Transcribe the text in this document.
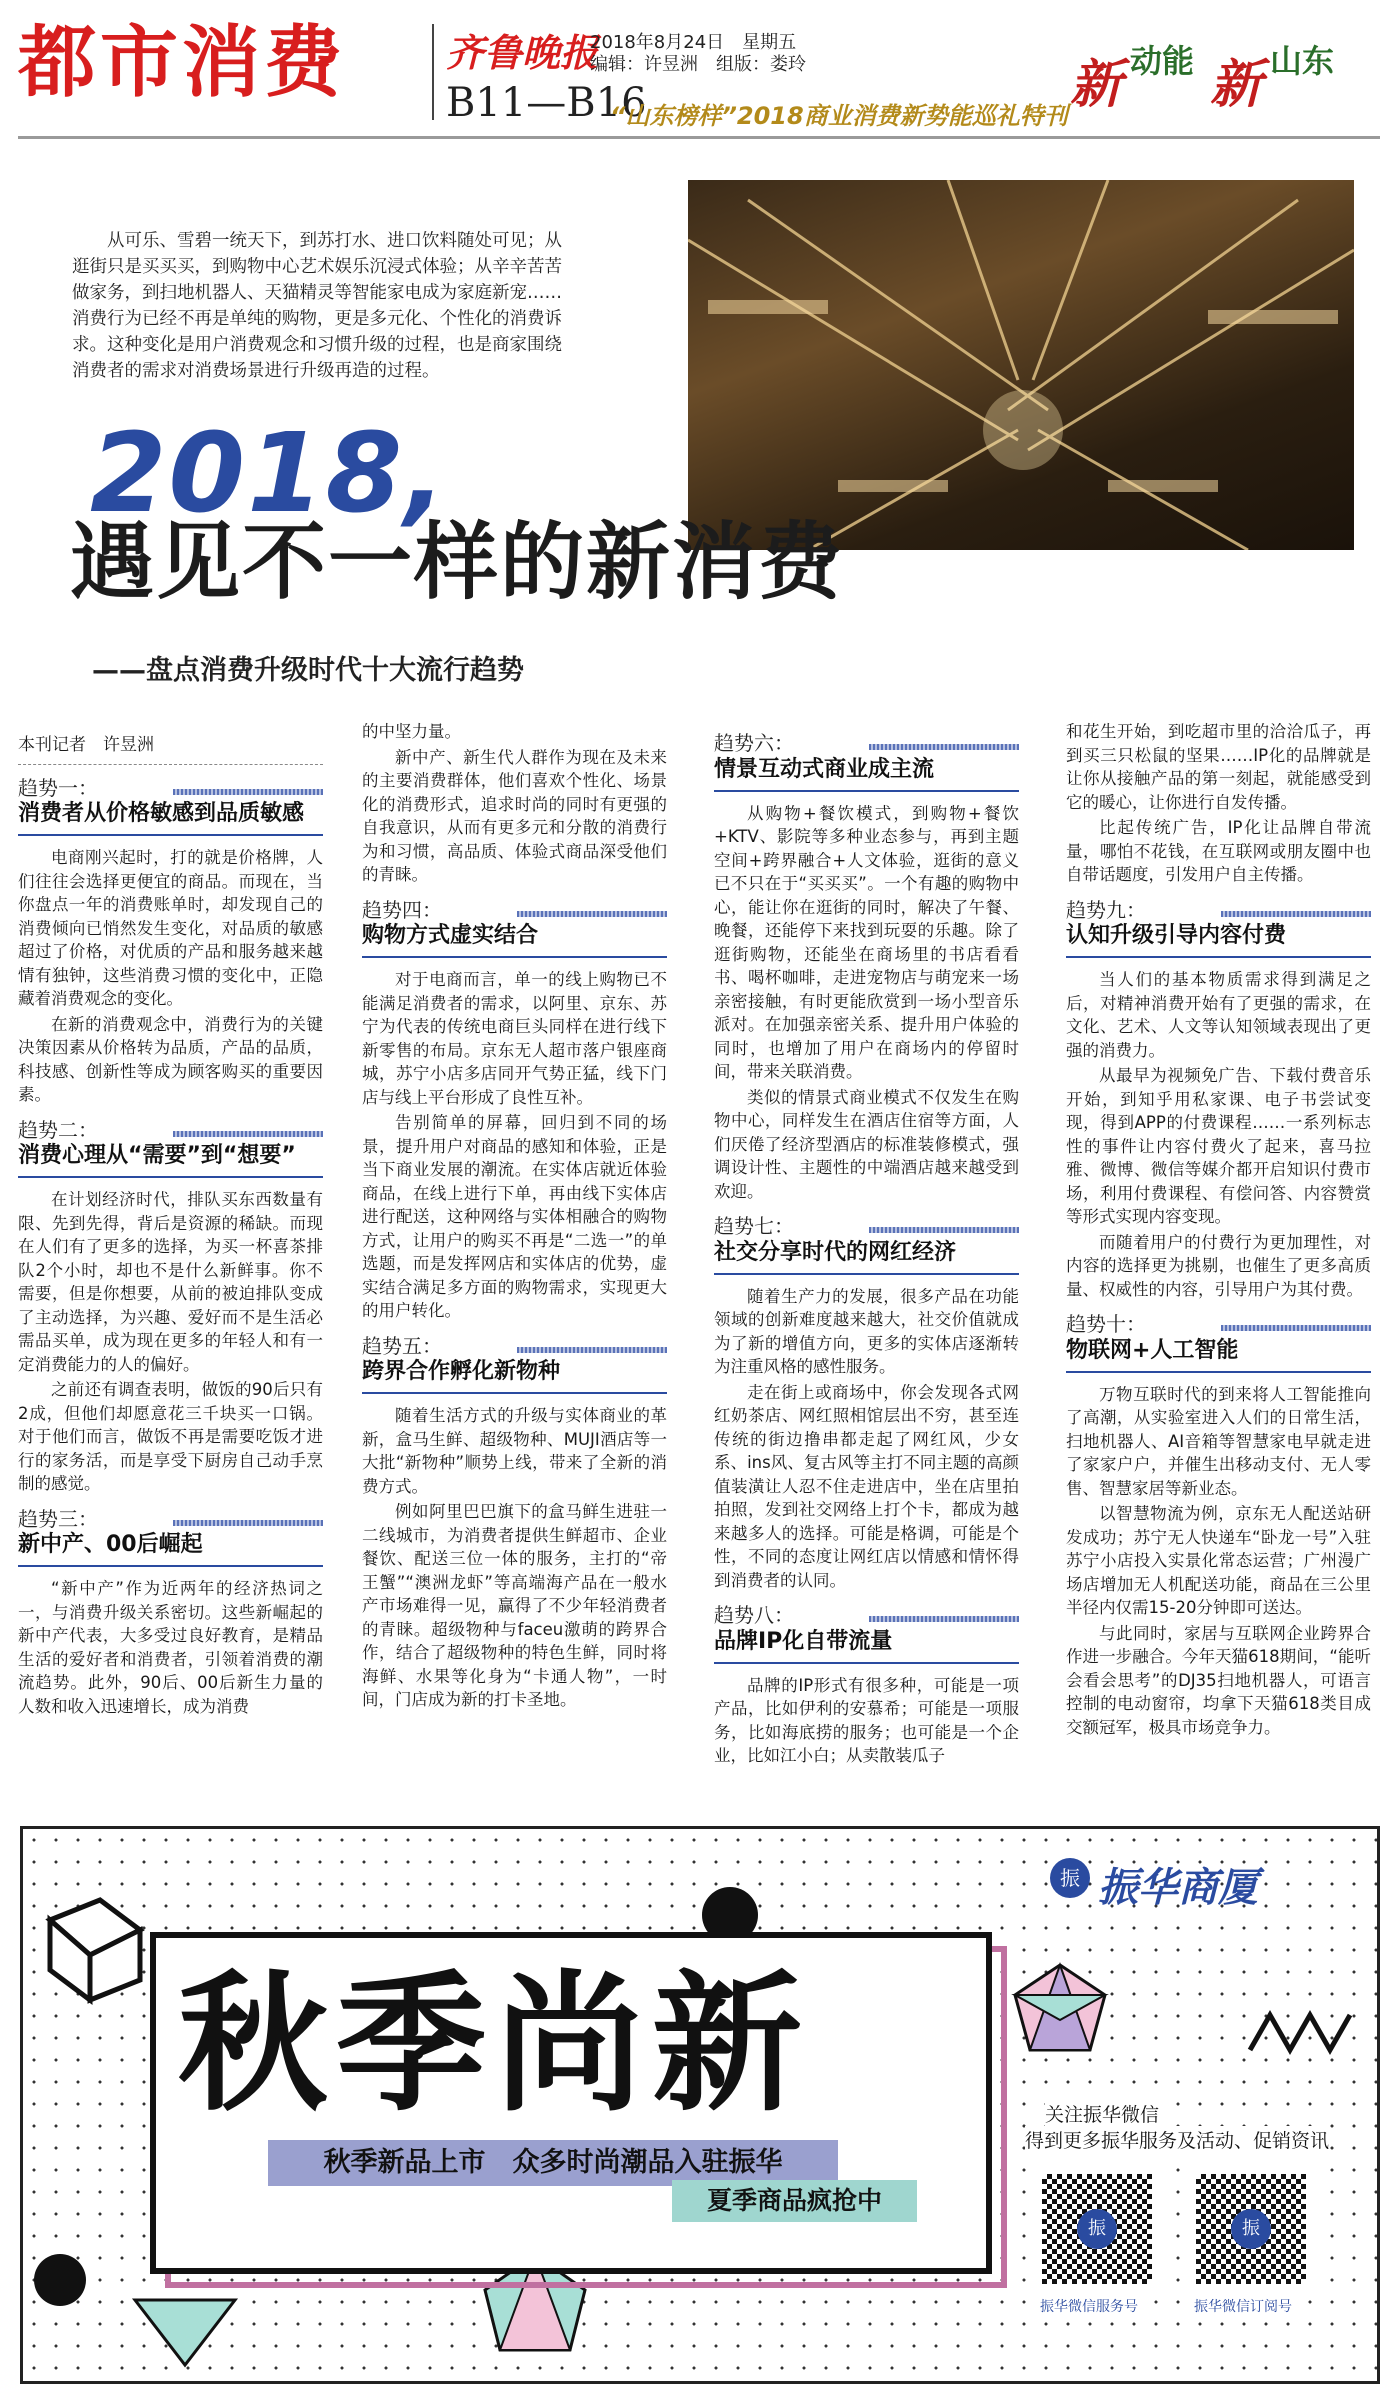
都市消费	齐鲁晚报
2018年8月24日　星期五
编辑：许昱洲　组版：娄玲
B11—B16
“山东榜样”2018商业消费新势能巡礼特刊
新 动能 新 山东
从可乐、雪碧一统天下，到苏打水、进口饮料随处可见；从逛街只是买买买，到购物中心艺术娱乐沉浸式体验；从辛辛苦苦做家务，到扫地机器人、天猫精灵等智能家电成为家庭新宠……消费行为已经不再是单纯的购物，更是多元化、个性化的消费诉求。这种变化是用户消费观念和习惯升级的过程，也是商家围绕消费者的需求对消费场景进行升级再造的过程。
2018,
遇见不一样的新消费
——盘点消费升级时代十大流行趋势
本刊记者　许昱洲
趋势一：
消费者从价格敏感到品质敏感

电商刚兴起时，打的就是价格牌，人们往往会选择更便宜的商品。而现在，当你盘点一年的消费账单时，却发现自己的消费倾向已悄然发生变化，对品质的敏感超过了价格，对优质的产品和服务越来越情有独钟，这些消费习惯的变化中，正隐藏着消费观念的变化。

在新的消费观念中，消费行为的关键决策因素从价格转为品质，产品的品质，科技感、创新性等成为顾客购买的重要因素。

趋势二：
消费心理从“需要”到“想要”

在计划经济时代，排队买东西数量有限、先到先得，背后是资源的稀缺。而现在人们有了更多的选择，为买一杯喜茶排队2个小时，却也不是什么新鲜事。你不需要，但是你想要，从前的被迫排队变成了主动选择，为兴趣、爱好而不是生活必需品买单，成为现在更多的年轻人和有一定消费能力的人的偏好。

之前还有调查表明，做饭的90后只有2成，但他们却愿意花三千块买一口锅。对于他们而言，做饭不再是需要吃饭才进行的家务活，而是享受下厨房自己动手烹制的感觉。

趋势三：
新中产、00后崛起

“新中产”作为近两年的经济热词之一，与消费升级关系密切。这些新崛起的新中产代表，大多受过良好教育，是精品生活的爱好者和消费者，引领着消费的潮流趋势。此外，90后、00后新生力量的人数和收入迅速增长，成为消费

的中坚力量。

新中产、新生代人群作为现在及未来的主要消费群体，他们喜欢个性化、场景化的消费形式，追求时尚的同时有更强的自我意识，从而有更多元和分散的消费行为和习惯，高品质、体验式商品深受他们的青睐。

趋势四：
购物方式虚实结合

对于电商而言，单一的线上购物已不能满足消费者的需求，以阿里、京东、苏宁为代表的传统电商巨头同样在进行线下新零售的布局。京东无人超市落户银座商城，苏宁小店多店同开气势正猛，线下门店与线上平台形成了良性互补。

告别简单的屏幕，回归到不同的场景，提升用户对商品的感知和体验，正是当下商业发展的潮流。在实体店就近体验商品，在线上进行下单，再由线下实体店进行配送，这种网络与实体相融合的购物方式，让用户的购买不再是“二选一”的单选题，而是发挥网店和实体店的优势，虚实结合满足多方面的购物需求，实现更大的用户转化。

趋势五：
跨界合作孵化新物种

随着生活方式的升级与实体商业的革新，盒马生鲜、超级物种、MUJI酒店等一大批“新物种”顺势上线，带来了全新的消费方式。

例如阿里巴巴旗下的盒马鲜生进驻一二线城市，为消费者提供生鲜超市、企业餐饮、配送三位一体的服务，主打的“帝王蟹”“澳洲龙虾”等高端海产品在一般水产市场难得一见，赢得了不少年轻消费者的青睐。超级物种与faceu激萌的跨界合作，结合了超级物种的特色生鲜，同时将海鲜、水果等化身为“卡通人物”，一时间，门店成为新的打卡圣地。

趋势六：
情景互动式商业成主流

从购物+餐饮模式，到购物+餐饮+KTV、影院等多种业态参与，再到主题空间+跨界融合+人文体验，逛街的意义已不只在于“买买买”。一个有趣的购物中心，能让你在逛街的同时，解决了午餐、晚餐，还能停下来找到玩耍的乐趣。除了逛街购物，还能坐在商场里的书店看看书、喝杯咖啡，走进宠物店与萌宠来一场亲密接触，有时更能欣赏到一场小型音乐派对。在加强亲密关系、提升用户体验的同时，也增加了用户在商场内的停留时间，带来关联消费。

类似的情景式商业模式不仅发生在购物中心，同样发生在酒店住宿等方面，人们厌倦了经济型酒店的标准装修模式，强调设计性、主题性的中端酒店越来越受到欢迎。

趋势七：
社交分享时代的网红经济

随着生产力的发展，很多产品在功能领域的创新难度越来越大，社交价值就成为了新的增值方向，更多的实体店逐渐转为注重风格的感性服务。

走在街上或商场中，你会发现各式网红奶茶店、网红照相馆层出不穷，甚至连传统的街边撸串都走起了网红风，少女系、ins风、复古风等主打不同主题的高颜值装潢让人忍不住走进店中，坐在店里拍拍照，发到社交网络上打个卡，都成为越来越多人的选择。可能是格调，可能是个性，不同的态度让网红店以情感和情怀得到消费者的认同。

趋势八：
品牌IP化自带流量

品牌的IP形式有很多种，可能是一项产品，比如伊利的安慕希；可能是一项服务，比如海底捞的服务；也可能是一个企业，比如江小白；从卖散装瓜子

和花生开始，到吃超市里的洽洽瓜子，再到买三只松鼠的坚果……IP化的品牌就是让你从接触产品的第一刻起，就能感受到它的暖心，让你进行自发传播。

比起传统广告，IP化让品牌自带流量，哪怕不花钱，在互联网或朋友圈中也自带话题度，引发用户自主传播。

趋势九：
认知升级引导内容付费

当人们的基本物质需求得到满足之后，对精神消费开始有了更强的需求，在文化、艺术、人文等认知领域表现出了更强的消费力。

从最早为视频免广告、下载付费音乐开始，到知乎用私家课、电子书尝试变现，得到APP的付费课程……一系列标志性的事件让内容付费火了起来，喜马拉雅、微博、微信等媒介都开启知识付费市场，利用付费课程、有偿问答、内容赞赏等形式实现内容变现。

而随着用户的付费行为更加理性，对内容的选择更为挑剔，也催生了更多高质量、权威性的内容，引导用户为其付费。

趋势十：
物联网+人工智能

万物互联时代的到来将人工智能推向了高潮，从实验室进入人们的日常生活，扫地机器人、AI音箱等智慧家电早就走进了家家户户，并催生出移动支付、无人零售、智慧家居等新业态。

以智慧物流为例，京东无人配送站研发成功；苏宁无人快递车“卧龙一号”入驻苏宁小店投入实景化常态运营；广州漫广场店增加无人机配送功能，商品在三公里半径内仅需15-20分钟即可送达。

与此同时，家居与互联网企业跨界合作进一步融合。今年天猫618期间，“能听会看会思考”的DJ35扫地机器人，可语言控制的电动窗帘，均拿下天猫618类目成交额冠军，极具市场竞争力。

秋季尚新
秋季新品上市　众多时尚潮品入驻振华
夏季商品疯抢中
振 振华商厦
关注振华微信
得到更多振华服务及活动、促销资讯
振
振华微信服务号
振
振华微信订阅号
